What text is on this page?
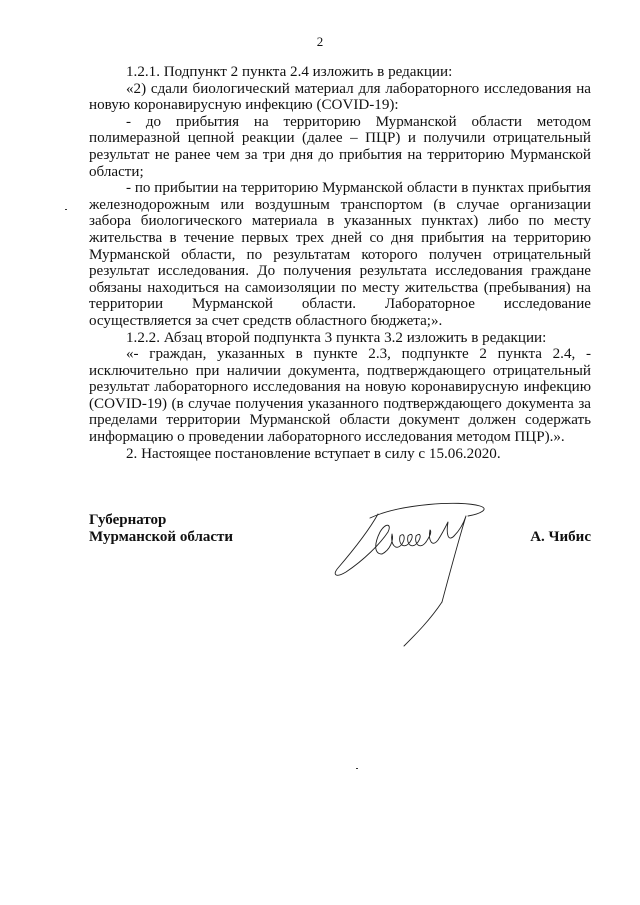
2

1.2.1. Подпункт 2 пункта 2.4 изложить в редакции:

«2) сдали биологический материал для лабораторного исследования на новую коронавирусную инфекцию (COVID-19):

- до прибытия на территорию Мурманской области методом полимеразной цепной реакции (далее – ПЦР) и получили отрицательный результат не ранее чем за три дня до прибытия на территорию Мурманской области;

- по прибытии на территорию Мурманской области в пунктах прибытия железнодорожным или воздушным транспортом (в случае организации забора биологического материала в указанных пунктах) либо по месту жительства в течение первых трех дней со дня прибытия на территорию Мурманской области, по результатам которого получен отрицательный результат исследования. До получения результата исследования граждане обязаны находиться на самоизоляции по месту жительства (пребывания) на территории Мурманской области. Лабораторное исследование осуществляется за счет средств областного бюджета;».

1.2.2. Абзац второй подпункта 3 пункта 3.2 изложить в редакции:

«- граждан, указанных в пункте 2.3, подпункте 2 пункта 2.4, - исключительно при наличии документа, подтверждающего отрицательный результат лабораторного исследования на новую коронавирусную инфекцию (COVID-19) (в случае получения указанного подтверждающего документа за пределами территории Мурманской области документ должен содержать информацию о проведении лабораторного исследования методом ПЦР).».

2. Настоящее постановление вступает в силу с 15.06.2020.

Губернатор
Мурманской области	А. Чибис
